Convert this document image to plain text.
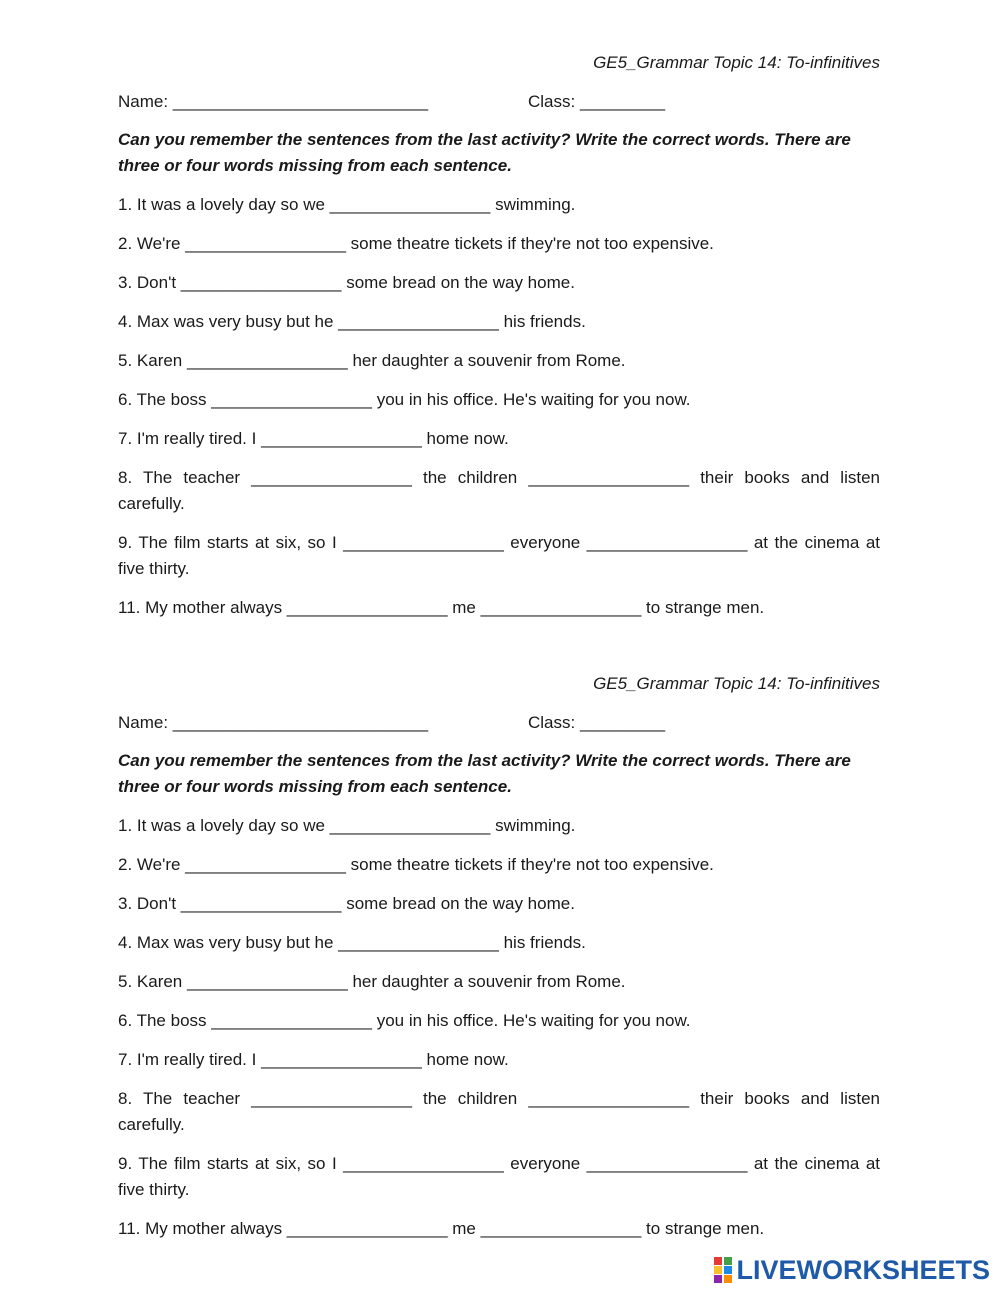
GE5_Grammar Topic 14: To-infinitives
Name: ___________________________	Class: _________
Can you remember the sentences from the last activity? Write the correct words. There are three or four words missing from each sentence.
1. It was a lovely day so we _________________ swimming.
2. We're _________________ some theatre tickets if they're not too expensive.
3. Don't _________________ some bread on the way home.
4. Max was very busy but he _________________ his friends.
5. Karen _________________ her daughter a souvenir from Rome.
6. The boss _________________ you in his office. He's waiting for you now.
7. I'm really tired. I _________________ home now.
8. The teacher _________________ the children _________________ their books and listen carefully.
9. The film starts at six, so I _________________ everyone _________________ at the cinema at five thirty.
11. My mother always _________________ me _________________ to strange men.
GE5_Grammar Topic 14: To-infinitives
Name: ___________________________	Class: _________
Can you remember the sentences from the last activity? Write the correct words. There are three or four words missing from each sentence.
1. It was a lovely day so we _________________ swimming.
2. We're _________________ some theatre tickets if they're not too expensive.
3. Don't _________________ some bread on the way home.
4. Max was very busy but he _________________ his friends.
5. Karen _________________ her daughter a souvenir from Rome.
6. The boss _________________ you in his office. He's waiting for you now.
7. I'm really tired. I _________________ home now.
8. The teacher _________________ the children _________________ their books and listen carefully.
9. The film starts at six, so I _________________ everyone _________________ at the cinema at five thirty.
11. My mother always _________________ me _________________ to strange men.
LIVEWORKSHEETS
